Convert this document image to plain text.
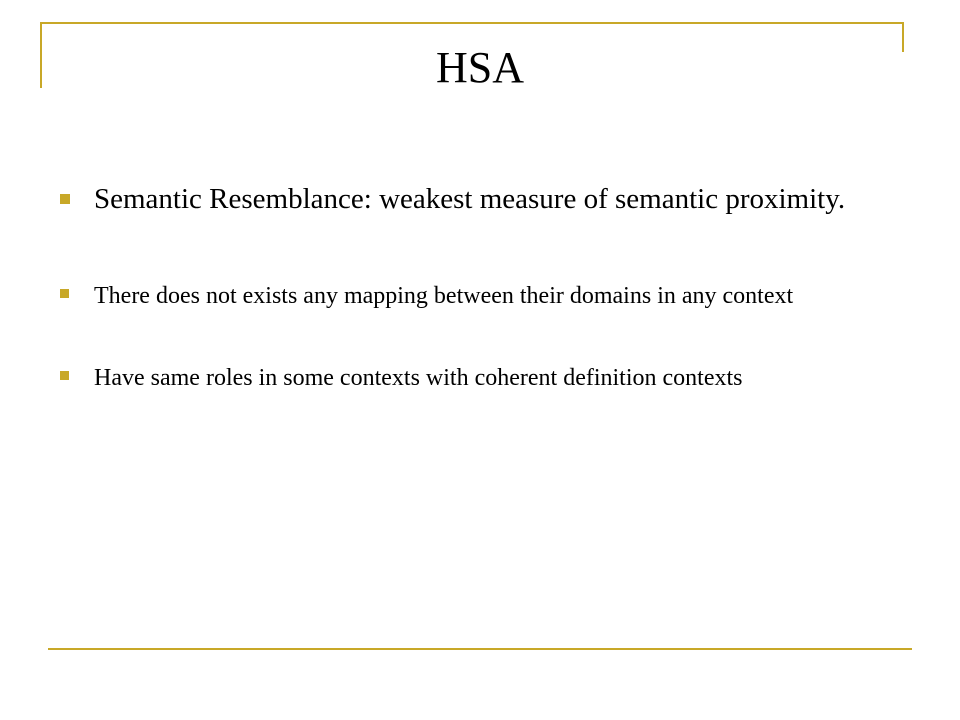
HSA
Semantic Resemblance: weakest measure of semantic proximity.
There does not exists any mapping between their domains in any context
Have same roles in some contexts with coherent definition contexts
